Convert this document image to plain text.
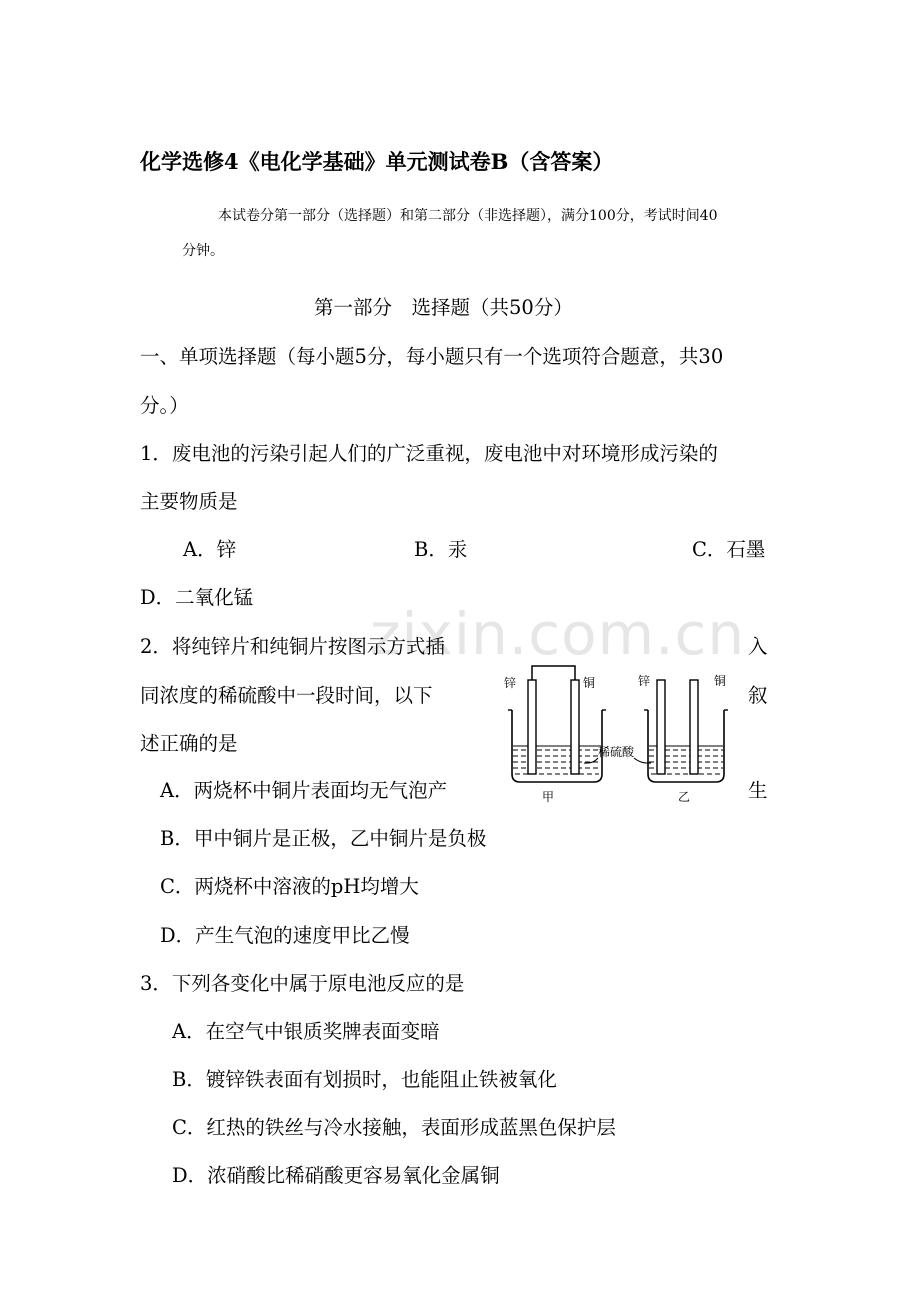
zixin.com.cn
化学选修4《电化学基础》单元测试卷B（含答案）
本试卷分第一部分（选择题）和第二部分（非选择题），满分100分，考试时间40
分钟。
第一部分　选择题（共50分）
一、单项选择题（每小题5分，每小题只有一个选项符合题意，共30
分。）
1．废电池的污染引起人们的广泛重视，废电池中对环境形成污染的
主要物质是
A．锌	B．汞	C．石墨
D．二氧化锰
2．将纯锌片和纯铜片按图示方式插	入
同浓度的稀硫酸中一段时间，以下	叙
述正确的是
A．两烧杯中铜片表面均无气泡产	生
B．甲中铜片是正极，乙中铜片是负极
C．两烧杯中溶液的pH均增大
D．产生气泡的速度甲比乙慢
锌	铜	锌	铜
稀硫酸
甲	乙
3．下列各变化中属于原电池反应的是
A．在空气中银质奖牌表面变暗
B．镀锌铁表面有划损时，也能阻止铁被氧化
C．红热的铁丝与冷水接触，表面形成蓝黑色保护层
D．浓硝酸比稀硝酸更容易氧化金属铜
